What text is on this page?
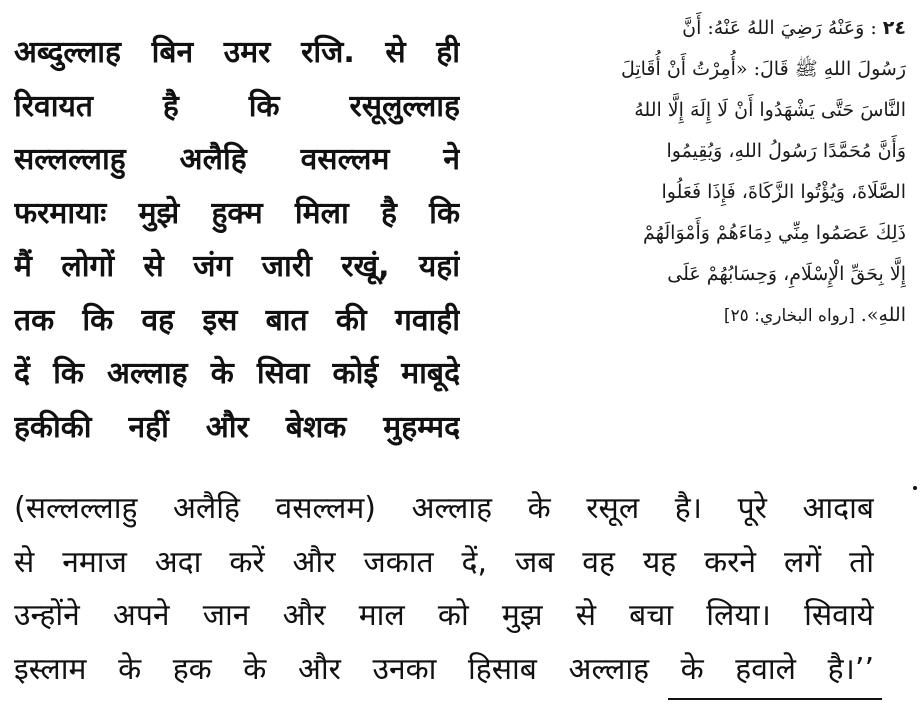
अब्दुल्लाह बिन उमर रजि. से ही
रिवायत है कि रसूलुल्लाह
सल्लल्लाहु अलैहि वसल्लम ने
फरमायाः मुझे हुक्म मिला है कि
मैं लोगों से जंग जारी रखूं, यहां
तक कि वह इस बात की गवाही
दें कि अल्लाह के सिवा कोई माबूदे
हकीकी नहीं और बेशक मुहम्मद
٢٤ : وَعَنْهُ رَضِيَ اللهُ عَنْهُ: أَنَّ
رَسُولَ اللهِ ﷺ قَالَ: «أُمِرْتُ أَنْ أُقَاتِلَ
النَّاسَ حَتَّى يَشْهَدُوا أَنْ لَا إِلَهَ إِلَّا اللهُ
وَأَنَّ مُحَمَّدًا رَسُولُ اللهِ، وَيُقِيمُوا
الصَّلَاةَ، وَيُؤْتُوا الزَّكَاةَ، فَإِذَا فَعَلُوا
ذَلِكَ عَصَمُوا مِنِّي دِمَاءَهُمْ وَأَمْوَالَهُمْ
إِلَّا بِحَقِّ الْإِسْلَامِ، وَحِسَابُهُمْ عَلَى
اللهِ». [رواه البخاري: ٢٥]
(सल्लल्लाहु अलैहि वसल्लम) अल्लाह के रसूल है। पूरे आदाब
से नमाज अदा करें और जकात दें, जब वह यह करने लगें तो
उन्होंने अपने जान और माल को मुझ से बचा लिया। सिवाये
इस्लाम के हक के और उनका हिसाब अल्लाह के हवाले है।’’
